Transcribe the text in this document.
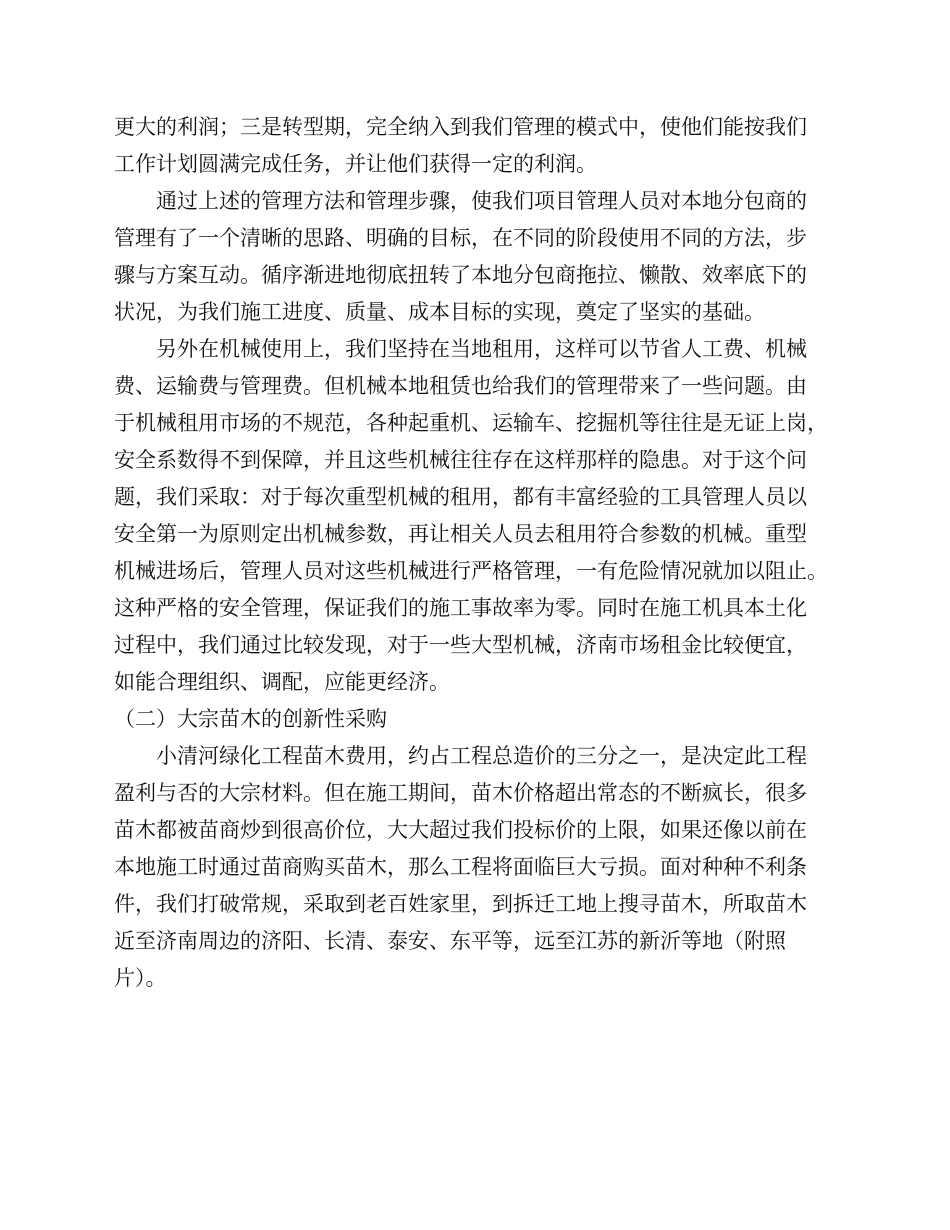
更大的利润；三是转型期，完全纳入到我们管理的模式中，使他们能按我们
工作计划圆满完成任务，并让他们获得一定的利润。
　　通过上述的管理方法和管理步骤，使我们项目管理人员对本地分包商的
管理有了一个清晰的思路、明确的目标，在不同的阶段使用不同的方法，步
骤与方案互动。循序渐进地彻底扭转了本地分包商拖拉、懒散、效率底下的
状况，为我们施工进度、质量、成本目标的实现，奠定了坚实的基础。
　　另外在机械使用上，我们坚持在当地租用，这样可以节省人工费、机械
费、运输费与管理费。但机械本地租赁也给我们的管理带来了一些问题。由
于机械租用市场的不规范，各种起重机、运输车、挖掘机等往往是无证上岗，
安全系数得不到保障，并且这些机械往往存在这样那样的隐患。对于这个问
题，我们采取：对于每次重型机械的租用，都有丰富经验的工具管理人员以
安全第一为原则定出机械参数，再让相关人员去租用符合参数的机械。重型
机械进场后，管理人员对这些机械进行严格管理，一有危险情况就加以阻止。
这种严格的安全管理，保证我们的施工事故率为零。同时在施工机具本土化
过程中，我们通过比较发现，对于一些大型机械，济南市场租金比较便宜，
如能合理组织、调配，应能更经济。
（二）大宗苗木的创新性采购
　　小清河绿化工程苗木费用，约占工程总造价的三分之一，是决定此工程
盈利与否的大宗材料。但在施工期间，苗木价格超出常态的不断疯长，很多
苗木都被苗商炒到很高价位，大大超过我们投标价的上限，如果还像以前在
本地施工时通过苗商购买苗木，那么工程将面临巨大亏损。面对种种不利条
件，我们打破常规，采取到老百姓家里，到拆迁工地上搜寻苗木，所取苗木
近至济南周边的济阳、长清、泰安、东平等，远至江苏的新沂等地（附照
片）。
